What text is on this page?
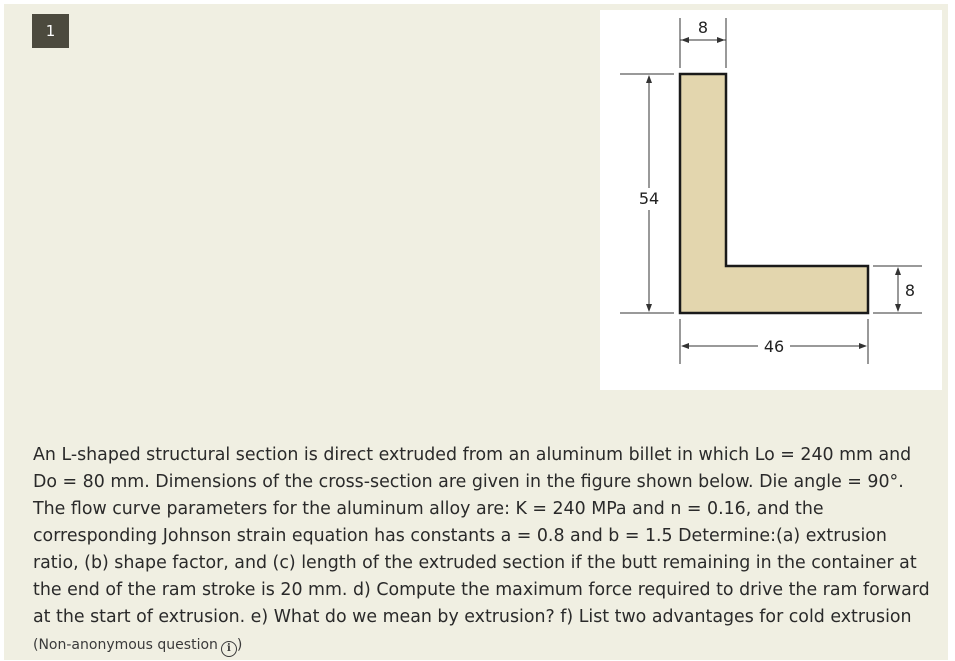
1	8
54
46
8

An L-shaped structural section is direct extruded from an aluminum billet in which Lo = 240 mm and Do = 80 mm. Dimensions of the cross-section are given in the figure shown below. Die angle = 90°. The flow curve parameters for the aluminum alloy are: K = 240 MPa and n = 0.16, and the corresponding Johnson strain equation has constants a = 0.8 and b = 1.5 Determine:(a) extrusion ratio, (b) shape factor, and (c) length of the extruded section if the butt remaining in the container at the end of the ram stroke is 20 mm. d) Compute the maximum force required to drive the ram forward at the start of extrusion. e) What do we mean by extrusion? f) List two advantages for cold extrusion (Non-anonymous question i )
